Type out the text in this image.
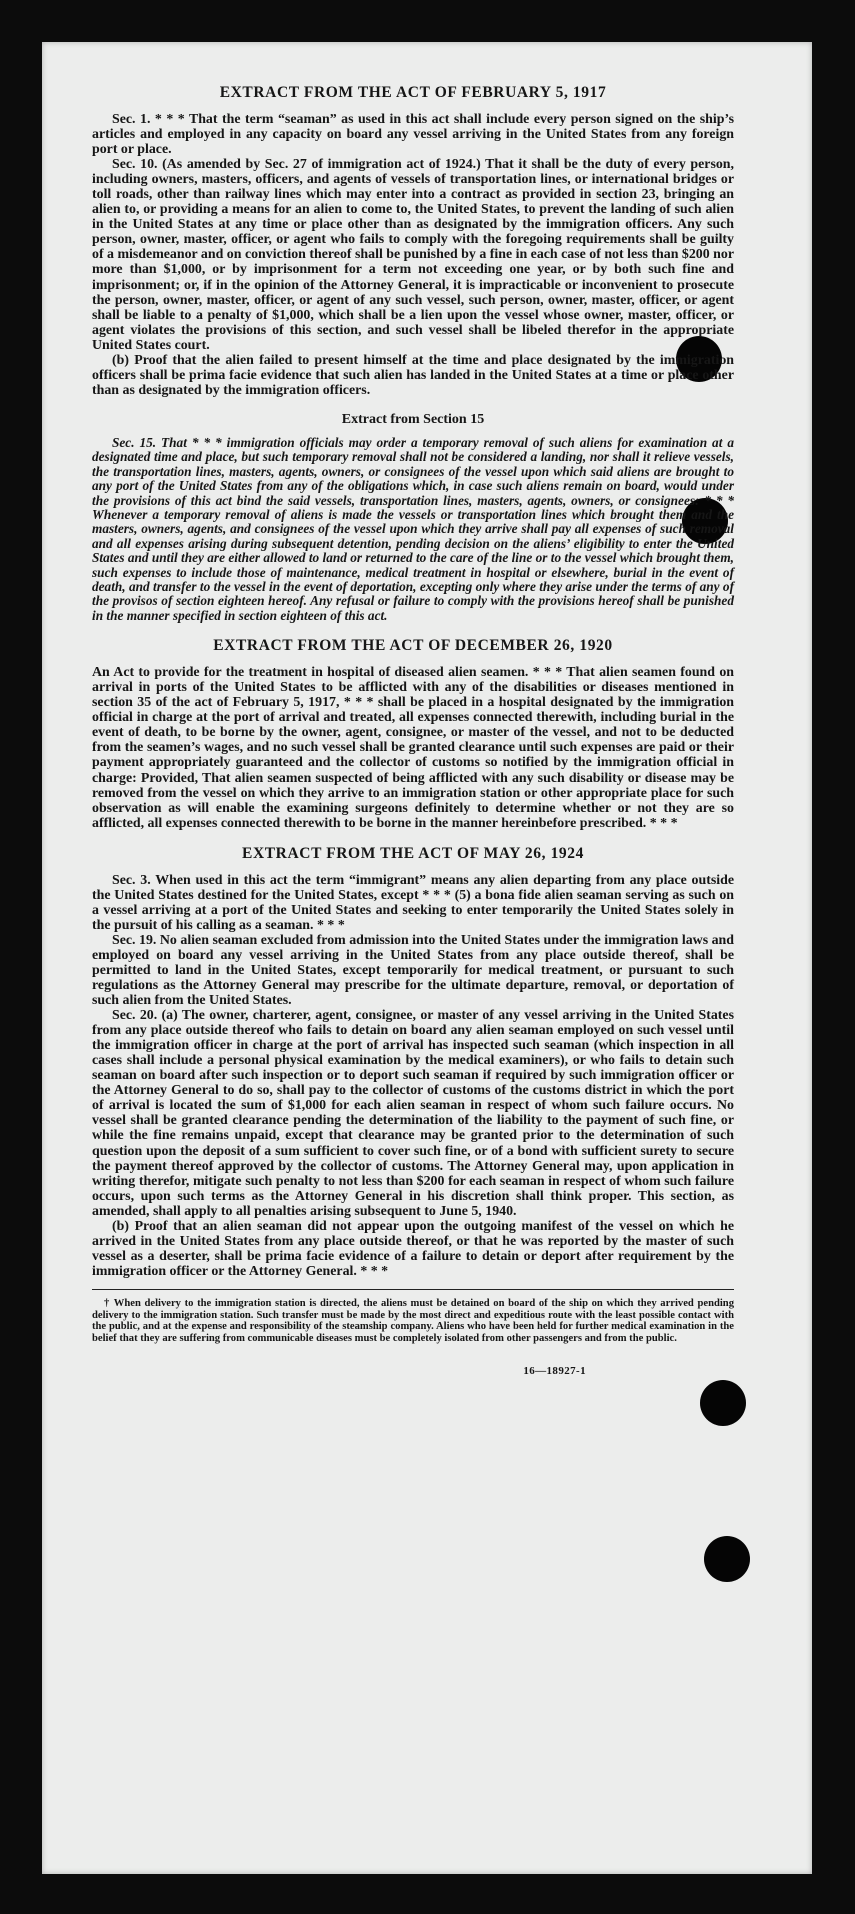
EXTRACT FROM THE ACT OF FEBRUARY 5, 1917

Sec. 1. * * * That the term “seaman” as used in this act shall include every person signed on the ship’s articles and employed in any capacity on board any vessel arriving in the United States from any foreign port or place.

Sec. 10. (As amended by Sec. 27 of immigration act of 1924.) That it shall be the duty of every person, including owners, masters, officers, and agents of vessels of transportation lines, or international bridges or toll roads, other than railway lines which may enter into a contract as provided in section 23, bringing an alien to, or providing a means for an alien to come to, the United States, to prevent the landing of such alien in the United States at any time or place other than as designated by the immigration officers. Any such person, owner, master, officer, or agent who fails to comply with the foregoing requirements shall be guilty of a misdemeanor and on conviction thereof shall be punished by a fine in each case of not less than $200 nor more than $1,000, or by imprisonment for a term not exceeding one year, or by both such fine and imprisonment; or, if in the opinion of the Attorney General, it is impracticable or inconvenient to prosecute the person, owner, master, officer, or agent of any such vessel, such person, owner, master, officer, or agent shall be liable to a penalty of $1,000, which shall be a lien upon the vessel whose owner, master, officer, or agent violates the provisions of this section, and such vessel shall be libeled therefor in the appropriate United States court.

(b) Proof that the alien failed to present himself at the time and place designated by the immigration officers shall be prima facie evidence that such alien has landed in the United States at a time or place other than as designated by the immigration officers.

Extract from Section 15

Sec. 15. That * * * immigration officials may order a temporary removal of such aliens for examination at a designated time and place, but such temporary removal shall not be considered a landing, nor shall it relieve vessels, the transportation lines, masters, agents, owners, or consignees of the vessel upon which said aliens are brought to any port of the United States from any of the obligations which, in case such aliens remain on board, would under the provisions of this act bind the said vessels, transportation lines, masters, agents, owners, or consignees: * * * Whenever a temporary removal of aliens is made the vessels or transportation lines which brought them and the masters, owners, agents, and consignees of the vessel upon which they arrive shall pay all expenses of such removal and all expenses arising during subsequent detention, pending decision on the aliens’ eligibility to enter the United States and until they are either allowed to land or returned to the care of the line or to the vessel which brought them, such expenses to include those of maintenance, medical treatment in hospital or elsewhere, burial in the event of death, and transfer to the vessel in the event of deportation, excepting only where they arise under the terms of any of the provisos of section eighteen hereof. Any refusal or failure to comply with the provisions hereof shall be punished in the manner specified in section eighteen of this act.

EXTRACT FROM THE ACT OF DECEMBER 26, 1920

An Act to provide for the treatment in hospital of diseased alien seamen. * * * That alien seamen found on arrival in ports of the United States to be afflicted with any of the disabilities or diseases mentioned in section 35 of the act of February 5, 1917, * * * shall be placed in a hospital designated by the immigration official in charge at the port of arrival and treated, all expenses connected therewith, including burial in the event of death, to be borne by the owner, agent, consignee, or master of the vessel, and not to be deducted from the seamen’s wages, and no such vessel shall be granted clearance until such expenses are paid or their payment appropriately guaranteed and the collector of customs so notified by the immigration official in charge: Provided, That alien seamen suspected of being afflicted with any such disability or disease may be removed from the vessel on which they arrive to an immigration station or other appropriate place for such observation as will enable the examining surgeons definitely to determine whether or not they are so afflicted, all expenses connected therewith to be borne in the manner hereinbefore prescribed. * * *

EXTRACT FROM THE ACT OF MAY 26, 1924

Sec. 3. When used in this act the term “immigrant” means any alien departing from any place outside the United States destined for the United States, except * * * (5) a bona fide alien seaman serving as such on a vessel arriving at a port of the United States and seeking to enter temporarily the United States solely in the pursuit of his calling as a seaman. * * *

Sec. 19. No alien seaman excluded from admission into the United States under the immigration laws and employed on board any vessel arriving in the United States from any place outside thereof, shall be permitted to land in the United States, except temporarily for medical treatment, or pursuant to such regulations as the Attorney General may prescribe for the ultimate departure, removal, or deportation of such alien from the United States.

Sec. 20. (a) The owner, charterer, agent, consignee, or master of any vessel arriving in the United States from any place outside thereof who fails to detain on board any alien seaman employed on such vessel until the immigration officer in charge at the port of arrival has inspected such seaman (which inspection in all cases shall include a personal physical examination by the medical examiners), or who fails to detain such seaman on board after such inspection or to deport such seaman if required by such immigration officer or the Attorney General to do so, shall pay to the collector of customs of the customs district in which the port of arrival is located the sum of $1,000 for each alien seaman in respect of whom such failure occurs. No vessel shall be granted clearance pending the determination of the liability to the payment of such fine, or while the fine remains unpaid, except that clearance may be granted prior to the determination of such question upon the deposit of a sum sufficient to cover such fine, or of a bond with sufficient surety to secure the payment thereof approved by the collector of customs. The Attorney General may, upon application in writing therefor, mitigate such penalty to not less than $200 for each seaman in respect of whom such failure occurs, upon such terms as the Attorney General in his discretion shall think proper. This section, as amended, shall apply to all penalties arising subsequent to June 5, 1940.

(b) Proof that an alien seaman did not appear upon the outgoing manifest of the vessel on which he arrived in the United States from any place outside thereof, or that he was reported by the master of such vessel as a deserter, shall be prima facie evidence of a failure to detain or deport after requirement by the immigration officer or the Attorney General. * * *

† When delivery to the immigration station is directed, the aliens must be detained on board of the ship on which they arrived pending delivery to the immigration station. Such transfer must be made by the most direct and expeditious route with the least possible contact with the public, and at the expense and responsibility of the steamship company. Aliens who have been held for further medical examination in the belief that they are suffering from communicable diseases must be completely isolated from other passengers and from the public.

16—18927-1
